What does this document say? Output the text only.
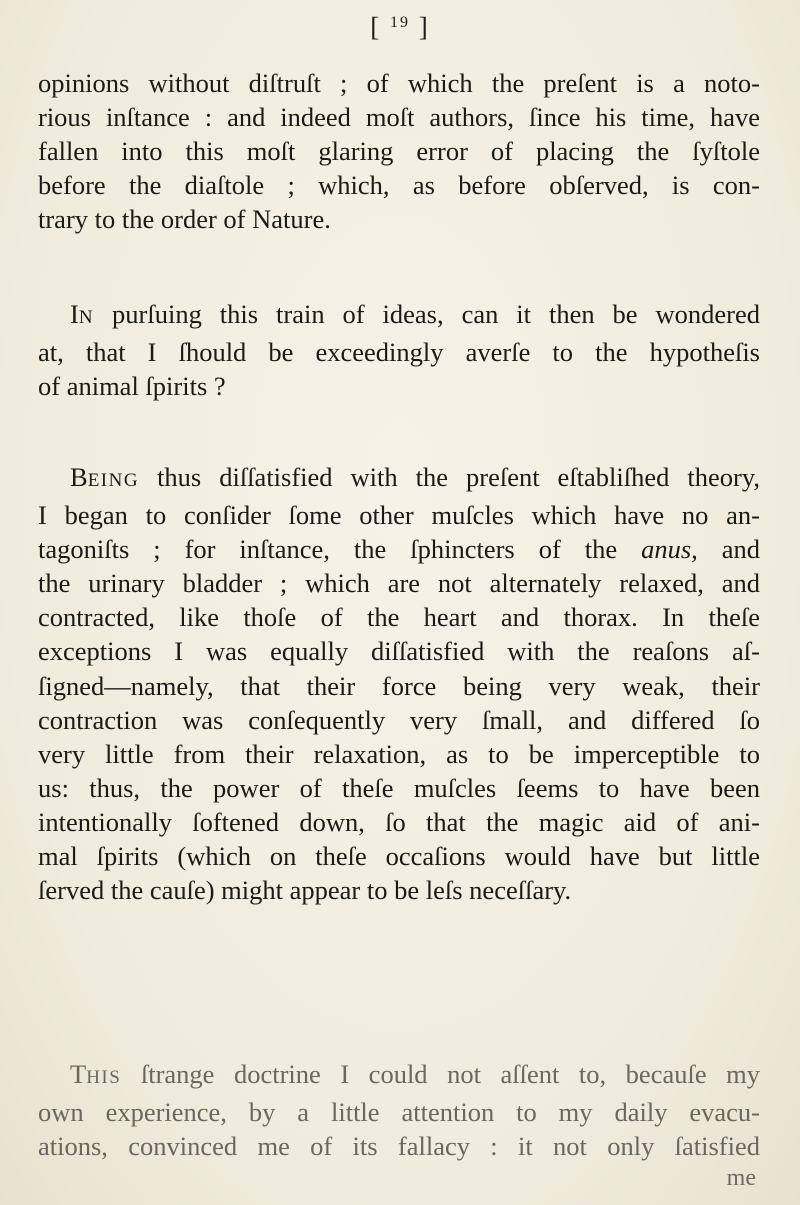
[ $^{19}$ ]
opinions without diſtruſt ; of which the preſent is a noto-
rious inſtance : and indeed moſt authors, ſince his time, have
fallen into this moſt glaring error of placing the ſyſtole
before the diaſtole ; which, as before obſerved, is con-
trary to the order of Nature.
IN purſuing this train of ideas, can it then be wondered
at, that I ſhould be exceedingly averſe to the hypotheſis
of animal ſpirits ?
BEING thus diſſatisfied with the preſent eſtabliſhed theory,
I began to conſider ſome other muſcles which have no an-
tagoniſts ; for inſtance, the ſphincters of the anus, and
the urinary bladder ; which are not alternately relaxed, and
contracted, like thoſe of the heart and thorax. In theſe
exceptions I was equally diſſatisfied with the reaſons aſ-
ſigned—namely, that their force being very weak, their
contraction was conſequently very ſmall, and differed ſo
very little from their relaxation, as to be imperceptible to
us: thus, the power of theſe muſcles ſeems to have been
intentionally ſoftened down, ſo that the magic aid of ani-
mal ſpirits (which on theſe occaſions would have but little
ſerved the cauſe) might appear to be leſs neceſſary.
THIS ſtrange doctrine I could not aſſent to, becauſe my
own experience, by a little attention to my daily evacu-
ations, convinced me of its fallacy : it not only ſatisfied
me
